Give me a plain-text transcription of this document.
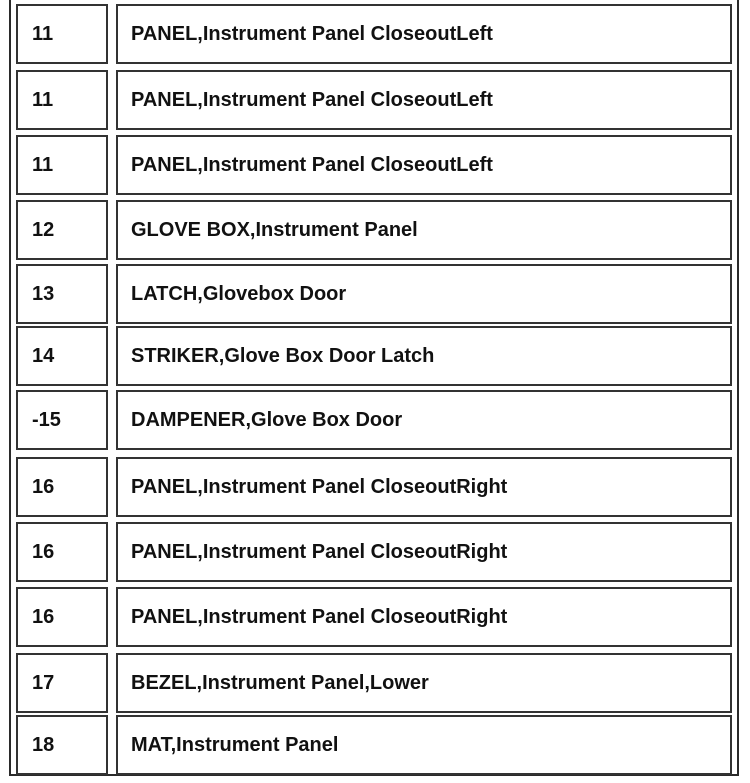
11	PANEL,Instrument Panel CloseoutLeft
11	PANEL,Instrument Panel CloseoutLeft
11	PANEL,Instrument Panel CloseoutLeft
12	GLOVE BOX,Instrument Panel
13	LATCH,Glovebox Door
14	STRIKER,Glove Box Door Latch
-15	DAMPENER,Glove Box Door
16	PANEL,Instrument Panel CloseoutRight
16	PANEL,Instrument Panel CloseoutRight
16	PANEL,Instrument Panel CloseoutRight
17	BEZEL,Instrument Panel,Lower
18	MAT,Instrument Panel
